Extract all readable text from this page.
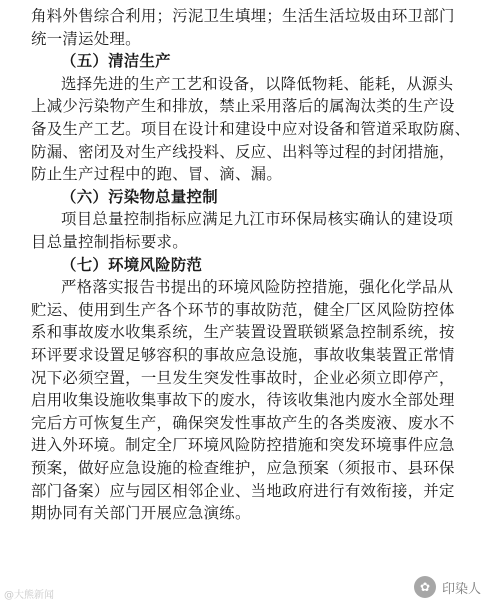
角料外售综合利用；污泥卫生填埋；生活生活垃圾由环卫部门
统一清运处理。
（五）清洁生产
选择先进的生产工艺和设备，以降低物耗、能耗，从源头
上减少污染物产生和排放，禁止采用落后的属淘汰类的生产设
备及生产工艺。项目在设计和建设中应对设备和管道采取防腐、
防漏、密闭及对生产线投料、反应、出料等过程的封闭措施，
防止生产过程中的跑、冒、滴、漏。
（六）污染物总量控制
项目总量控制指标应满足九江市环保局核实确认的建设项
目总量控制指标要求。
（七）环境风险防范
严格落实报告书提出的环境风险防控措施，强化化学品从
贮运、使用到生产各个环节的事故防范，健全厂区风险防控体
系和事故废水收集系统，生产装置设置联锁紧急控制系统，按
环评要求设置足够容积的事故应急设施，事故收集装置正常情
况下必须空置，一旦发生突发性事故时，企业必须立即停产，
启用收集设施收集事故下的废水，待该收集池内废水全部处理
完后方可恢复生产，确保突发性事故产生的各类废液、废水不
进入外环境。制定全厂环境风险防控措施和突发环境事件应急
预案，做好应急设施的检查维护，应急预案（须报市、县环保
部门备案）应与园区相邻企业、当地政府进行有效衔接，并定
期协同有关部门开展应急演练。
@大熊新闻
✿ 印染人
